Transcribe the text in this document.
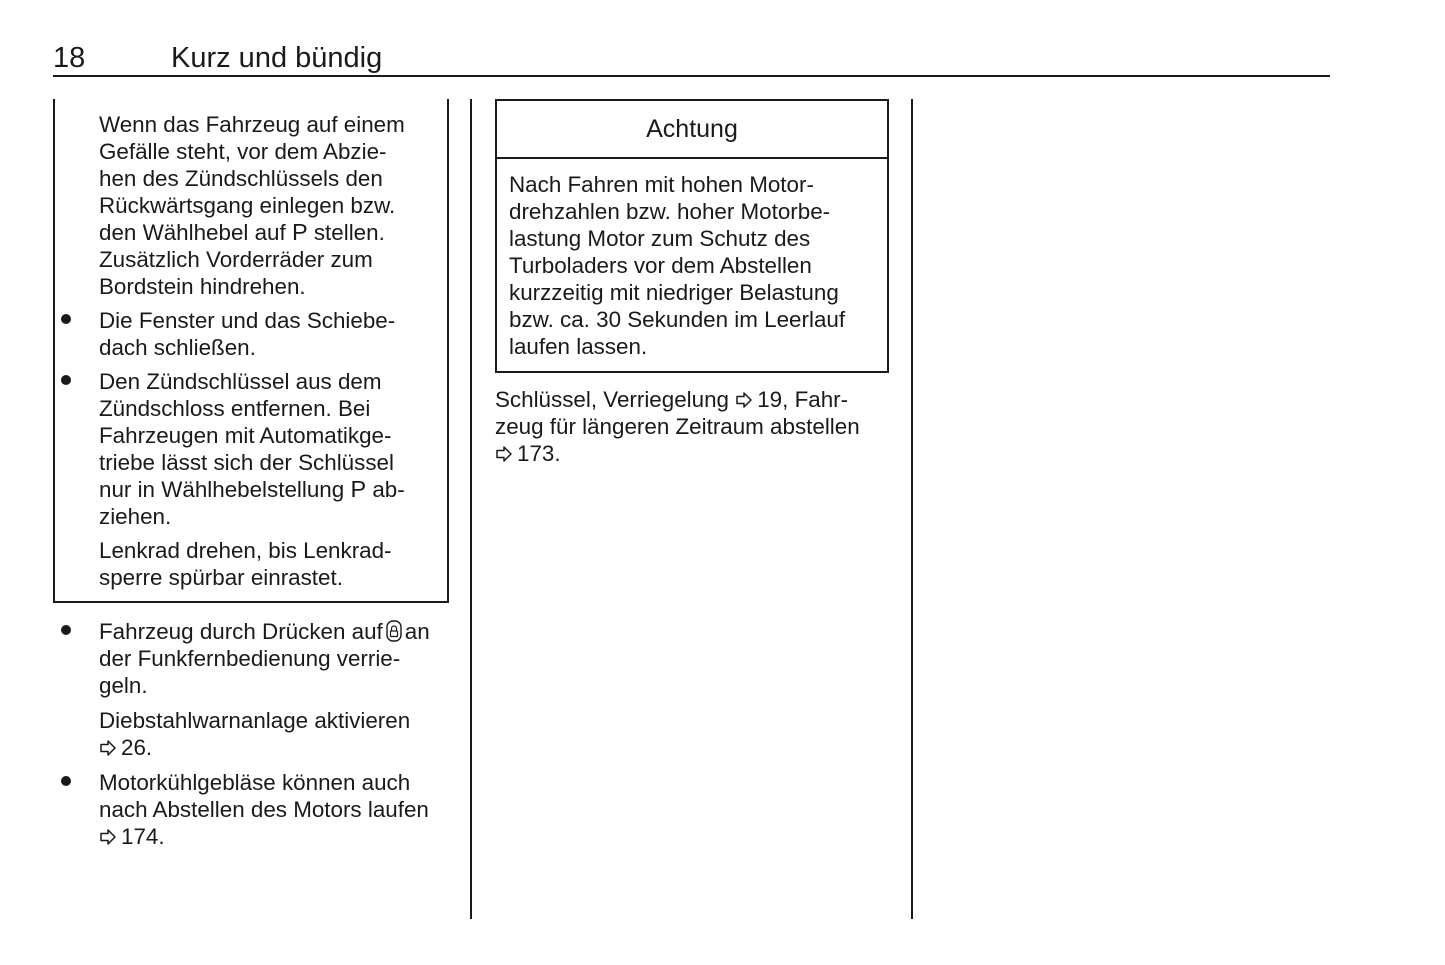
18	Kurz und bündig
Wenn das Fahrzeug auf einem
Gefälle steht, vor dem Abzie-
hen des Zündschlüssels den
Rückwärtsgang einlegen bzw.
den Wählhebel auf P stellen.
Zusätzlich Vorderräder zum
Bordstein hindrehen.
Die Fenster und das Schiebe-
dach schließen.
Den Zündschlüssel aus dem
Zündschloss entfernen. Bei
Fahrzeugen mit Automatikge-
triebe lässt sich der Schlüssel
nur in Wählhebelstellung P ab-
ziehen.
Lenkrad drehen, bis Lenkrad-
sperre spürbar einrastet.
Fahrzeug durch Drücken auf an
der Funkfernbedienung verrie-
geln.
Diebstahlwarnanlage aktivieren
26.
Motorkühlgebläse können auch
nach Abstellen des Motors laufen
174.
Achtung
Nach Fahren mit hohen Motor-
drehzahlen bzw. hoher Motorbe-
lastung Motor zum Schutz des
Turboladers vor dem Abstellen
kurzzeitig mit niedriger Belastung
bzw. ca. 30 Sekunden im Leerlauf
laufen lassen.
Schlüssel, Verriegelung 19, Fahr-
zeug für längeren Zeitraum abstellen
173.
